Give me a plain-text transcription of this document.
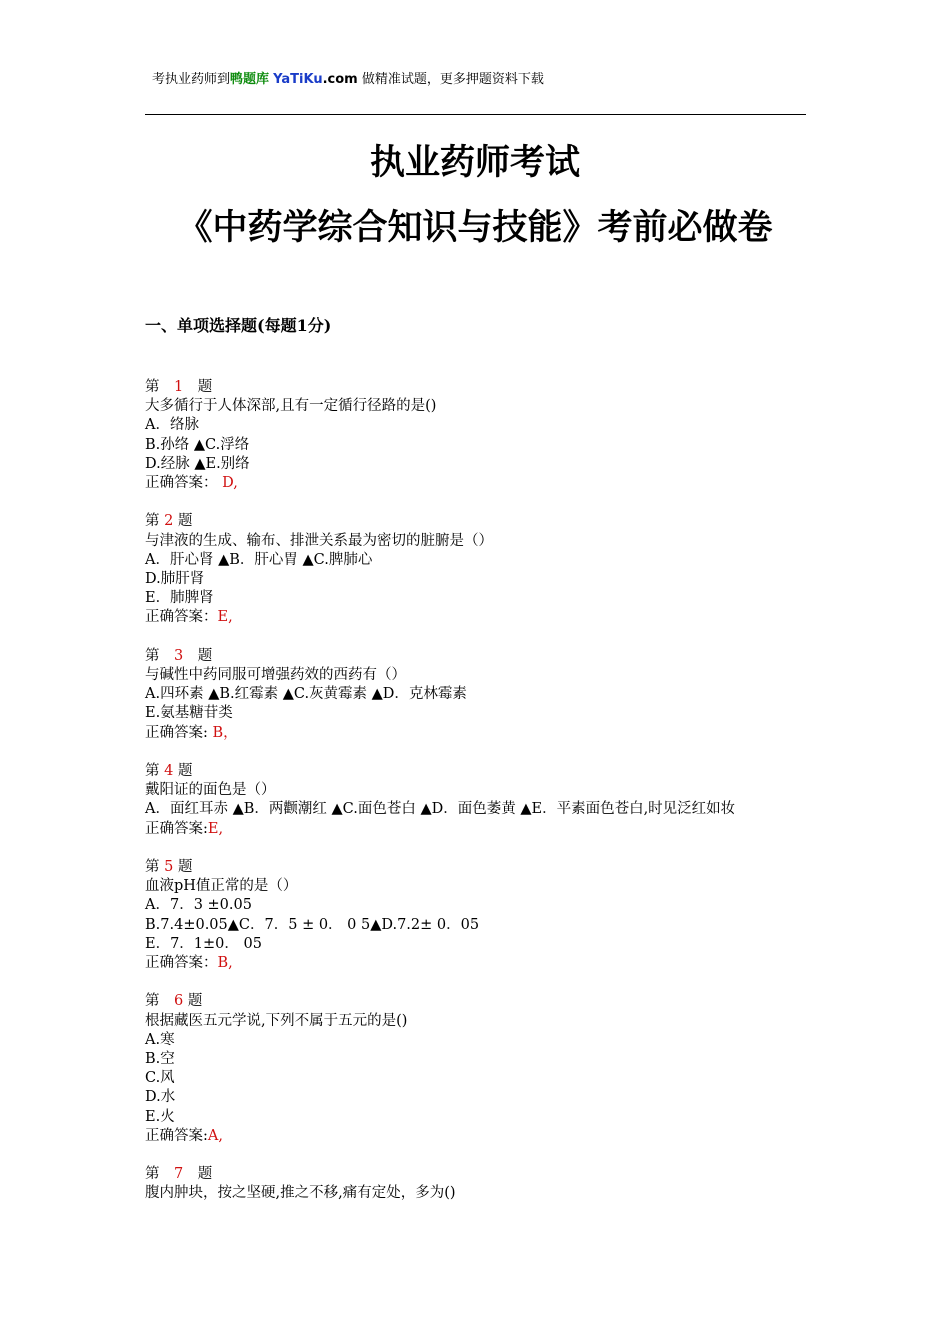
考执业药师到鸭题库 YaTiKu.com 做精准试题，更多押题资料下载
执业药师考试
《中药学综合知识与技能》考前必做卷
一、单项选择题(每题1分)
第　1　题
大多循行于人体深部,且有一定循行径路的是()
A．络脉
B.孙络 ﻿▲C.浮络
D.经脉 ▲E.别络
正确答案： D,
第 2 题
与津液的生成、输布、排泄关系最为密切的脏腑是（）
A．肝心肾 ▲B．肝心胃 ▲C.脾肺心
D.肺肝肾
E．肺脾肾
正确答案：E,
第　3　题
与碱性中药同服可增强药效的西药有（）
A.四环素 ▲B.红霉素 ▲C.灰黄霉素 ▲D．克林霉素
E.氨基糖苷类
正确答案: B，
第 4 题
戴阳证的面色是（）
A．面红耳赤 ▲B．两颧潮红 ▲C.面色苍白 ▲D．面色萎黄 ▲E．平素面色苍白,时见泛红如妆
正确答案:E,
第 5 题
血液pH值正常的是（）
A．7．3 ±0.05
B.7.4±0.05▲C．7．5 ± 0． 0 5▲D.7.2± 0．05
E．7．1±0． 05
正确答案：B,
第　6 题
根据藏医五元学说,下列不属于五元的是()
A.寒
B.空
C.风
D.水
E.火
正确答案:A,
第　7　题
腹内肿块，按之坚硬,推之不移,痛有定处，多为()
